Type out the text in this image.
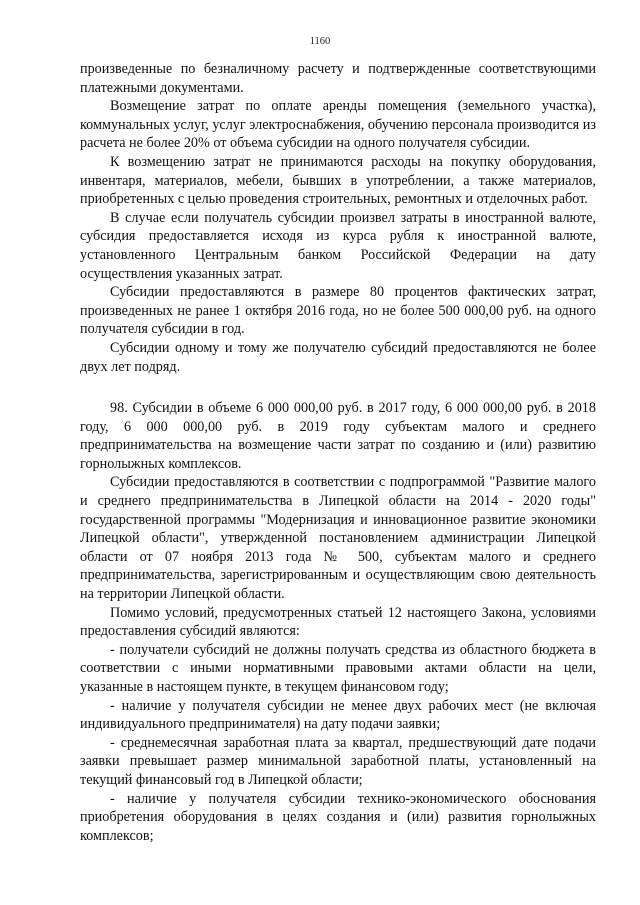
1160

произведенные по безналичному расчету и подтвержденные соответствующими платежными документами.

Возмещение затрат по оплате аренды помещения (земельного участка), коммунальных услуг, услуг электроснабжения, обучению персонала производится из расчета не более 20% от объема субсидии на одного получателя субсидии.

К возмещению затрат не принимаются расходы на покупку оборудования, инвентаря, материалов, мебели, бывших в употреблении, а также материалов, приобретенных с целью проведения строительных, ремонтных и отделочных работ.

В случае если получатель субсидии произвел затраты в иностранной валюте, субсидия предоставляется исходя из курса рубля к иностранной валюте, установленного Центральным банком Российской Федерации на дату осуществления указанных затрат.

Субсидии предоставляются в размере 80 процентов фактических затрат, произведенных не ранее 1 октября 2016 года, но не более 500 000,00 руб. на одного получателя субсидии в год.

Субсидии одному и тому же получателю субсидий предоставляются не более двух лет подряд.

98. Субсидии в объеме 6 000 000,00 руб. в 2017 году, 6 000 000,00 руб. в 2018 году, 6 000 000,00 руб. в 2019 году субъектам малого и среднего предпринимательства на возмещение части затрат по созданию и (или) развитию горнолыжных комплексов.

Субсидии предоставляются в соответствии с подпрограммой "Развитие малого и среднего предпринимательства в Липецкой области на 2014 - 2020 годы" государственной программы "Модернизация и инновационное развитие экономики Липецкой области", утвержденной постановлением администрации Липецкой области от 07 ноября 2013 года № 500, субъектам малого и среднего предпринимательства, зарегистрированным и осуществляющим свою деятельность на территории Липецкой области.

Помимо условий, предусмотренных статьей 12 настоящего Закона, условиями предоставления субсидий являются:

- получатели субсидий не должны получать средства из областного бюджета в соответствии с иными нормативными правовыми актами области на цели, указанные в настоящем пункте, в текущем финансовом году;

- наличие у получателя субсидии не менее двух рабочих мест (не включая индивидуального предпринимателя) на дату подачи заявки;

- среднемесячная заработная плата за квартал, предшествующий дате подачи заявки превышает размер минимальной заработной платы, установленный на текущий финансовый год в Липецкой области;

- наличие у получателя субсидии технико-экономического обоснования приобретения оборудования в целях создания и (или) развития горнолыжных комплексов;
